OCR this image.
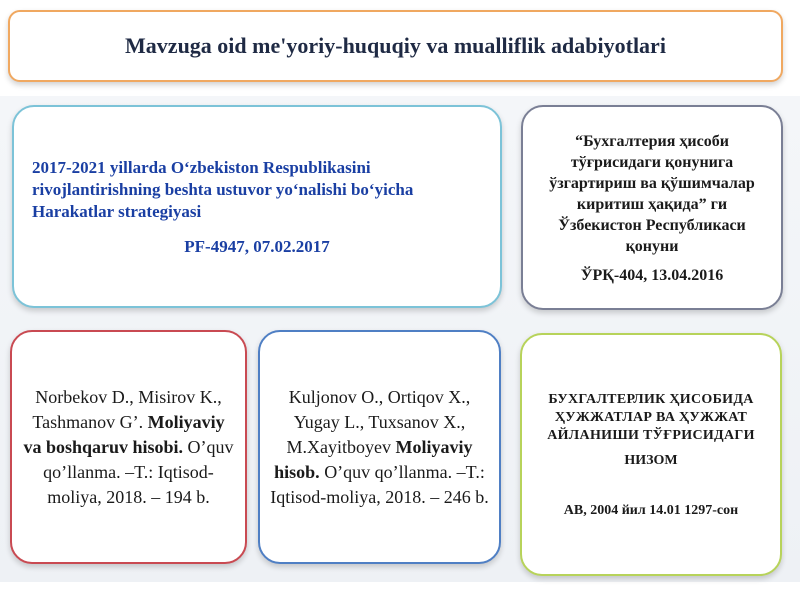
Mavzuga oid me'yoriy-huquqiy va mualliflik adabiyotlari
2017-2021 yillarda O‘zbekiston Respublikasini rivojlantirishning beshta ustuvor yo‘nalishi bo‘yicha Harakatlar strategiyasi
PF-4947, 07.02.2017
“Бухгалтерия ҳисоби тўғрисидаги қонунига ўзгартириш ва қўшимчалар киритиш ҳақида” ги Ўзбекистон Республикаси қонуни
ЎРҚ-404, 13.04.2016
Norbekov D., Misirov K., Tashmanov G’. Moliyaviy va boshqaruv hisobi. O’quv qo’llanma. –T.: Iqtisod-moliya, 2018. – 194 b.
Kuljonov O., Ortiqov X., Yugay L., Tuxsanov X., M.Xayitboyev Moliyaviy hisob. O’quv qo’llanma. –T.: Iqtisod-moliya, 2018. – 246 b.
БУХГАЛТЕРЛИК ҲИСОБИДА ҲУЖЖАТЛАР ВА ҲУЖЖАТ АЙЛАНИШИ ТЎҒРИСИДАГИ
НИЗОМ
АВ, 2004 йил 14.01 1297-сон
